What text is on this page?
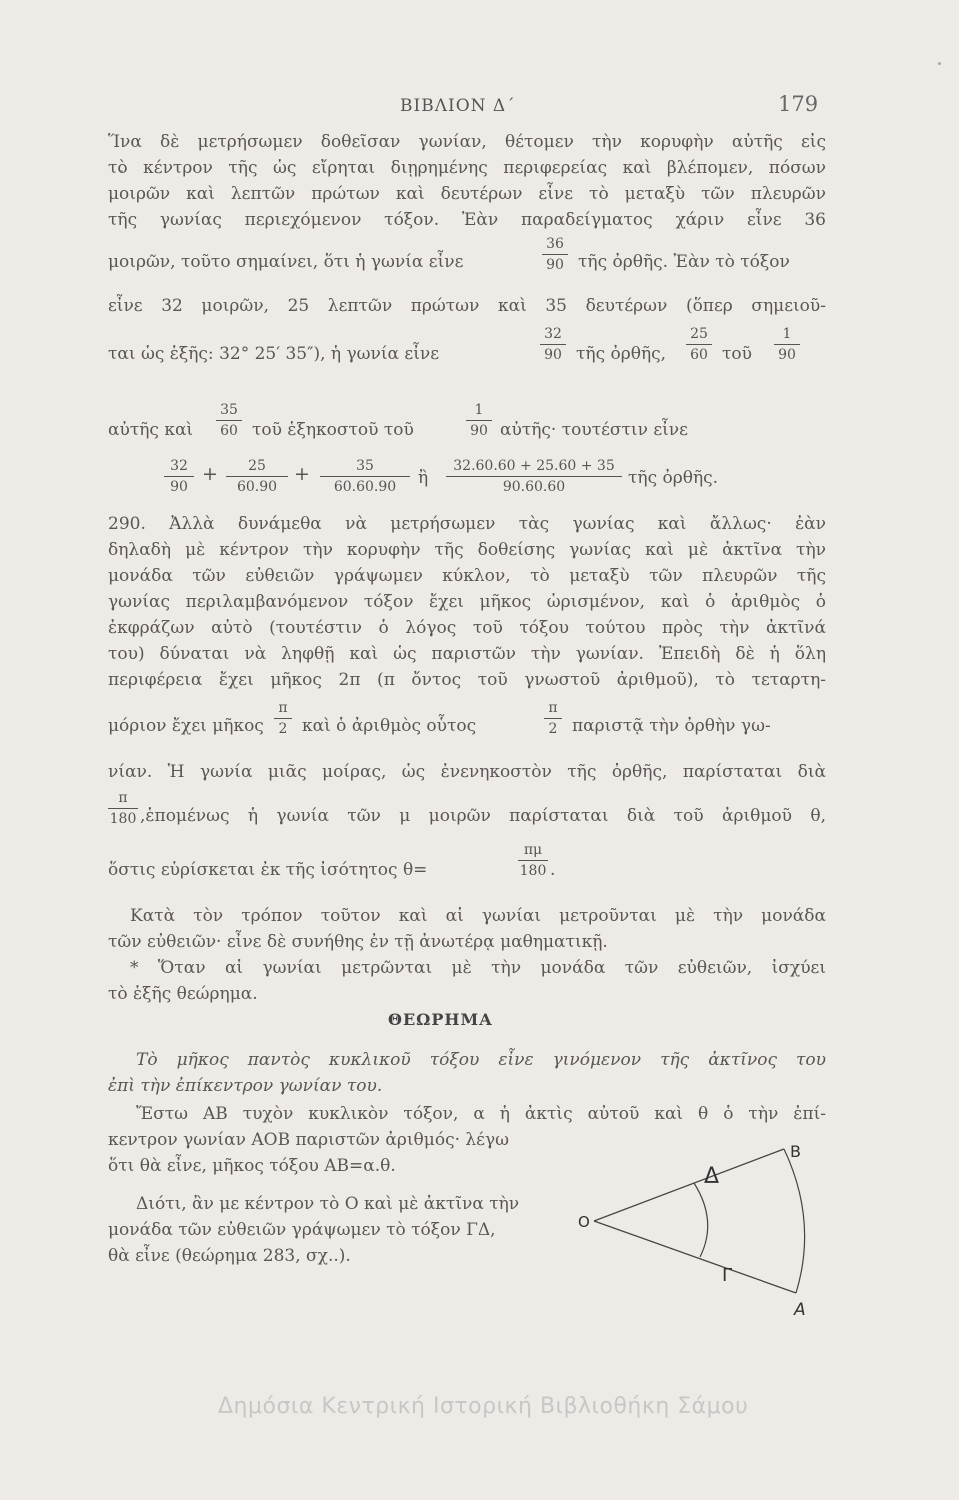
ΒΙΒΛΙΟΝ Δ΄	179
Ἵνα δὲ μετρήσωμεν δοθεῖσαν γωνίαν, θέτομεν τὴν κορυφὴν αὐτῆς εἰς
τὸ κέντρον τῆς ὡς εἴρηται διῃρημένης περιφερείας καὶ βλέπομεν, πόσων
μοιρῶν καὶ λεπτῶν πρώτων καὶ δευτέρων εἶνε τὸ μεταξὺ τῶν πλευρῶν
τῆς γωνίας περιεχόμενον τόξον. Ἐὰν παραδείγματος χάριν εἶνε 36
μοιρῶν, τοῦτο σημαίνει, ὅτι ἡ γωνία εἶνε
36
90 τῆς ὀρθῆς. Ἐὰν τὸ τόξον
εἶνε 32 μοιρῶν, 25 λεπτῶν πρώτων καὶ 35 δευτέρων (ὅπερ σημειοῦ-
ται ὡς ἑξῆς: 32° 25′ 35″), ἡ γωνία εἶνε
32
90 τῆς ὀρθῆς,
25
60 τοῦ
1
90
αὐτῆς καὶ
35
60 τοῦ ἑξηκοστοῦ τοῦ
1
90 αὐτῆς· τουτέστιν εἶνε
32
90
+	25
60.90
+	35
60.60.90	ἢ
32.60.60 + 25.60 + 35
90.60.60	τῆς ὀρθῆς.
290. Ἀλλὰ δυνάμεθα νὰ μετρήσωμεν τὰς γωνίας καὶ ἄλλως· ἐὰν
δηλαδὴ μὲ κέντρον τὴν κορυφὴν τῆς δοθείσης γωνίας καὶ μὲ ἀκτῖνα τὴν
μονάδα τῶν εὐθειῶν γράψωμεν κύκλον, τὸ μεταξὺ τῶν πλευρῶν τῆς
γωνίας περιλαμβανόμενον τόξον ἔχει μῆκος ὡρισμένον, καὶ ὁ ἀριθμὸς ὁ
ἐκφράζων αὐτὸ (τουτέστιν ὁ λόγος τοῦ τόξου τούτου πρὸς τὴν ἀκτῖνά
του) δύναται νὰ ληφθῇ καὶ ὡς παριστῶν τὴν γωνίαν. Ἐπειδὴ δὲ ἡ ὅλη
περιφέρεια ἔχει μῆκος 2π (π ὄντος τοῦ γνωστοῦ ἀριθμοῦ), τὸ τεταρτη-
μόριον ἔχει μῆκος
π
2 καὶ ὁ ἀριθμὸς οὗτος
π
2 παριστᾷ τὴν ὀρθὴν γω-
νίαν. Ἡ γωνία μιᾶς μοίρας, ὡς ἐνενηκοστὸν τῆς ὀρθῆς, παρίσταται διὰ
π
180 ,ἑπομένως ἡ γωνία τῶν μ μοιρῶν παρίσταται διὰ τοῦ ἀριθμοῦ θ,
ὅστις εὑρίσκεται ἐκ τῆς ἰσότητος θ=
πμ
180 .
Κατὰ τὸν τρόπον τοῦτον καὶ αἱ γωνίαι μετροῦνται μὲ τὴν μονάδα
τῶν εὐθειῶν· εἶνε δὲ συνήθης ἐν τῇ ἀνωτέρᾳ μαθηματικῇ.
* Ὅταν αἱ γωνίαι μετρῶνται μὲ τὴν μονάδα τῶν εὐθειῶν, ἰσχύει
τὸ ἑξῆς θεώρημα.
ΘΕΩΡΗΜΑ
Τὸ μῆκος παντὸς κυκλικοῦ τόξου εἶνε γινόμενον τῆς ἀκτῖνος του
ἐπὶ τὴν ἐπίκεντρον γωνίαν του.
Ἔστω ΑΒ τυχὸν κυκλικὸν τόξον, α ἡ ἀκτὶς αὐτοῦ καὶ θ ὁ τὴν ἐπί-
κεντρον γωνίαν ΑΟΒ παριστῶν ἀριθμός· λέγω
ὅτι θὰ εἶνε, μῆκος τόξου ΑΒ=α.θ.
Διότι, ἂν με κέντρον τὸ Ο καὶ μὲ ἀκτῖνα τὴν
μονάδα τῶν εὐθειῶν γράψωμεν τὸ τόξον ΓΔ,
θὰ εἶνε (θεώρημα 283, σχ..).
B
Δ
O
Γ
A
Δημόσια Κεντρική Ιστορική Βιβλιοθήκη Σάμου
